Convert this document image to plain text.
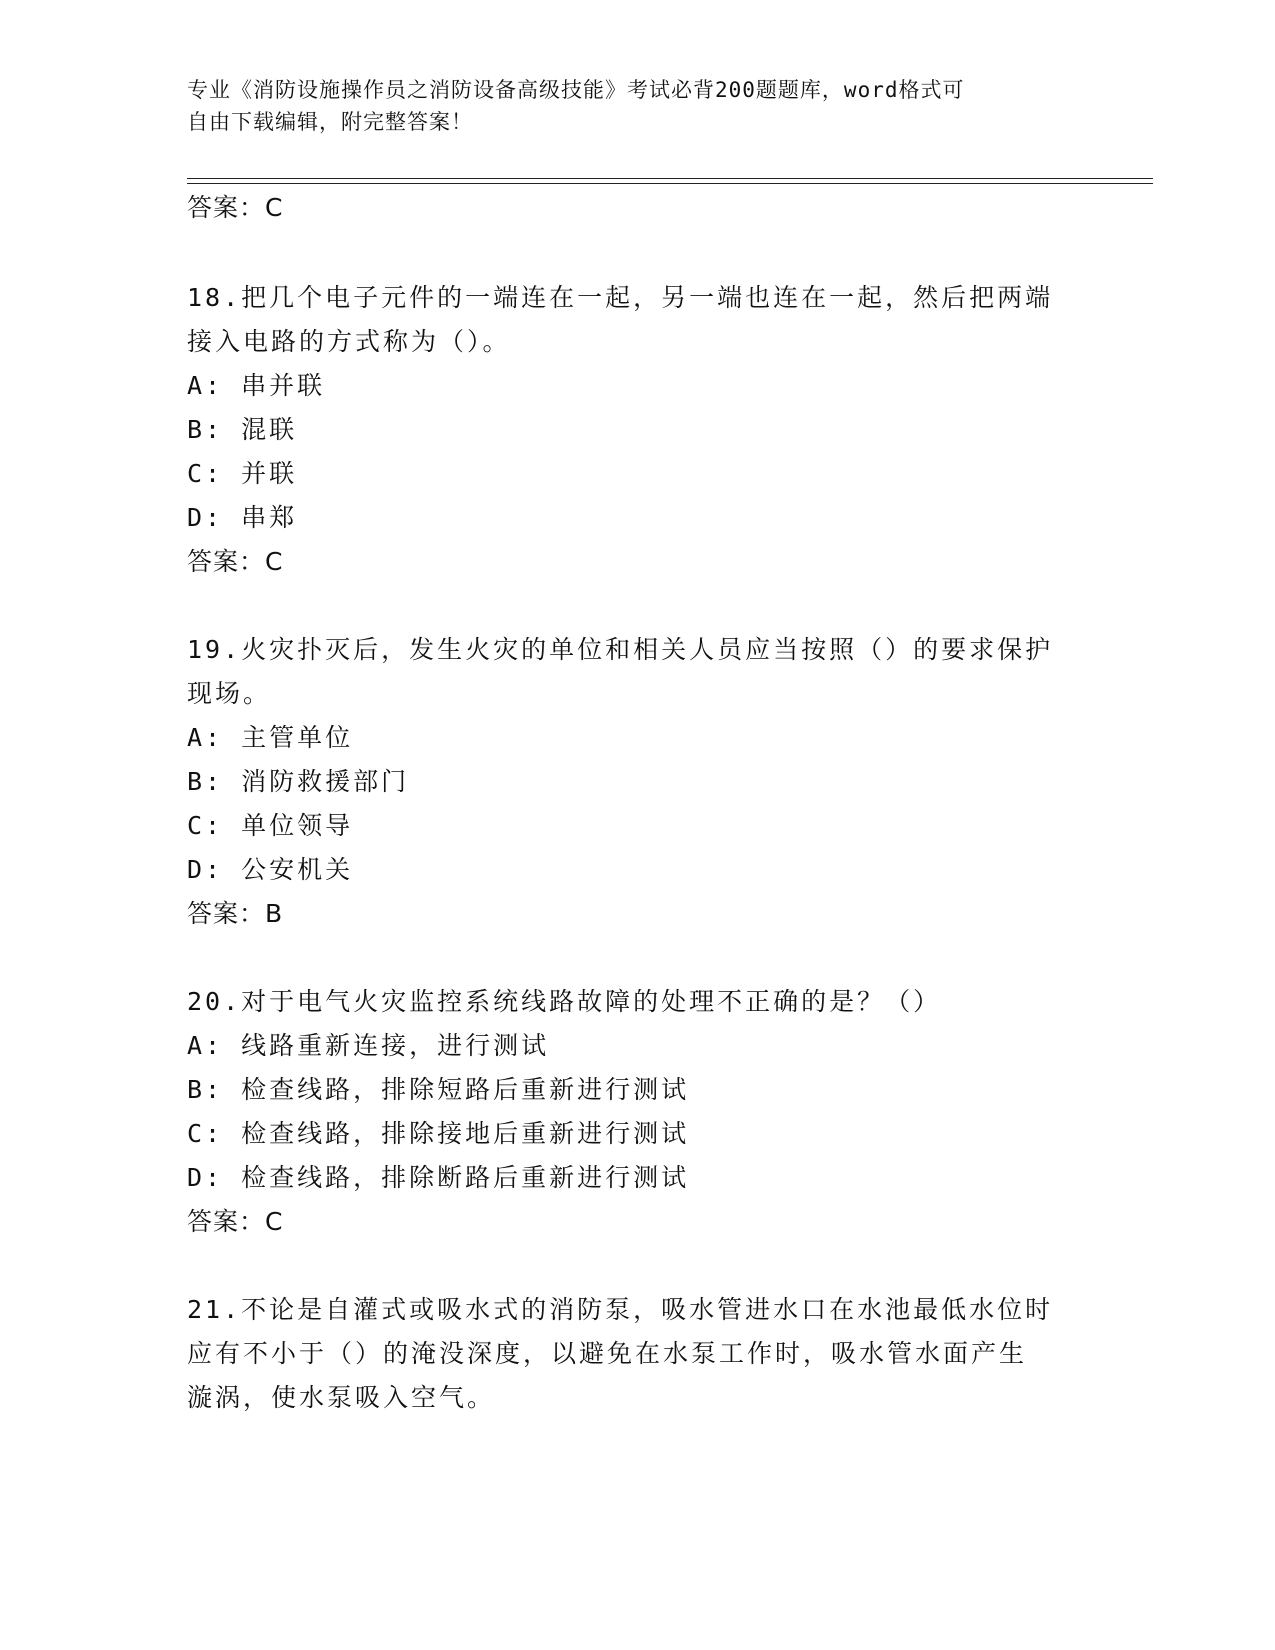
专业《消防设施操作员之消防设备高级技能》考试必背200题题库，word格式可
自由下载编辑，附完整答案！
答案：C
18.把几个电子元件的一端连在一起，另一端也连在一起，然后把两端
接入电路的方式称为（）。
A: 串并联
B: 混联
C: 并联
D: 串郑
答案：C
19.火灾扑灭后，发生火灾的单位和相关人员应当按照（）的要求保护
现场。
A: 主管单位
B: 消防救援部门
C: 单位领导
D: 公安机关
答案：B
20.对于电气火灾监控系统线路故障的处理不正确的是？（）
A: 线路重新连接，进行测试
B: 检查线路，排除短路后重新进行测试
C: 检查线路，排除接地后重新进行测试
D: 检查线路，排除断路后重新进行测试
答案：C
21.不论是自灌式或吸水式的消防泵，吸水管进水口在水池最低水位时
应有不小于（）的淹没深度，以避免在水泵工作时，吸水管水面产生
漩涡，使水泵吸入空气。
